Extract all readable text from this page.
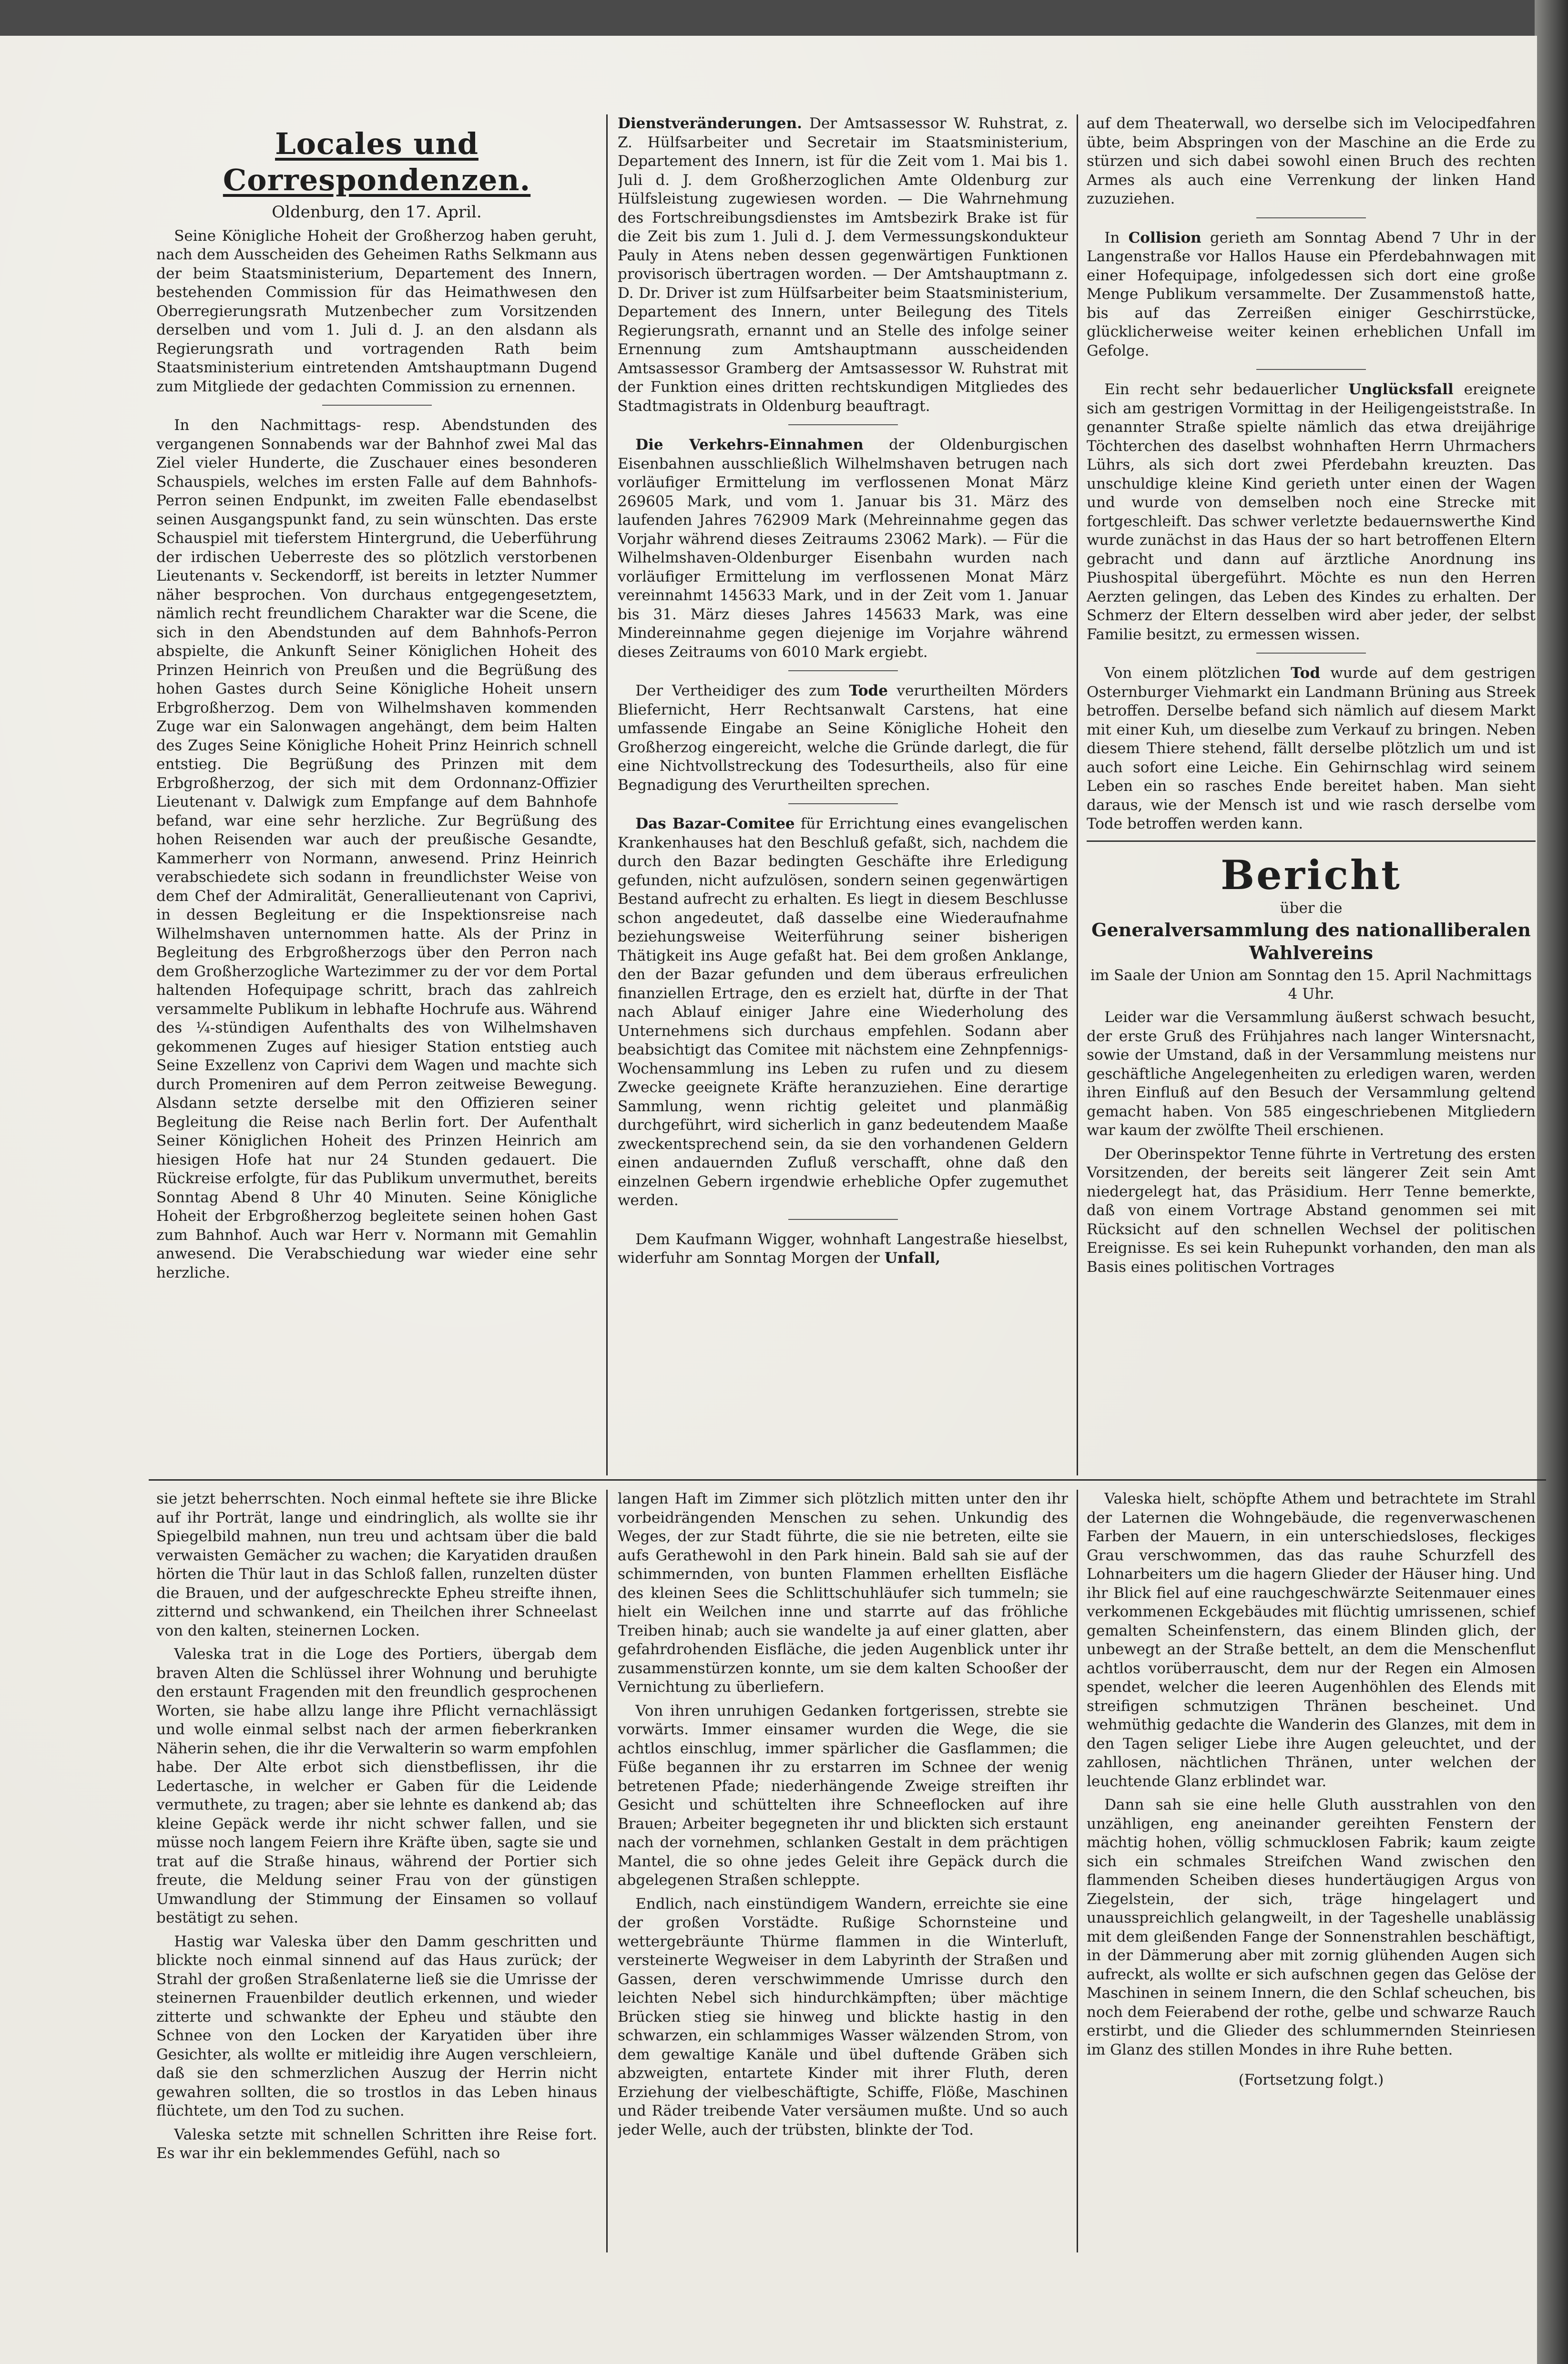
Locales und Correspondenzen.
Oldenburg, den 17. April.

Seine Königliche Hoheit der Großherzog haben geruht, nach dem Ausscheiden des Geheimen Raths Selkmann aus der beim Staatsministerium, Departement des Innern, bestehenden Commission für das Heimathwesen den Oberregierungsrath Mutzenbecher zum Vorsitzenden derselben und vom 1. Juli d. J. an den alsdann als Regierungsrath und vortragenden Rath beim Staatsministerium eintretenden Amtshauptmann Dugend zum Mitgliede der gedachten Commission zu ernennen.

In den Nachmittags- resp. Abendstunden des vergangenen Sonnabends war der Bahnhof zwei Mal das Ziel vieler Hunderte, die Zuschauer eines besonderen Schauspiels, welches im ersten Falle auf dem Bahnhofs-Perron seinen Endpunkt, im zweiten Falle ebendaselbst seinen Ausgangspunkt fand, zu sein wünschten. Das erste Schauspiel mit tieferstem Hintergrund, die Ueberführung der irdischen Ueberreste des so plötzlich verstorbenen Lieutenants v. Seckendorff, ist bereits in letzter Nummer näher besprochen. Von durchaus entgegengesetztem, nämlich recht freundlichem Charakter war die Scene, die sich in den Abendstunden auf dem Bahnhofs-Perron abspielte, die Ankunft Seiner Königlichen Hoheit des Prinzen Heinrich von Preußen und die Begrüßung des hohen Gastes durch Seine Königliche Hoheit unsern Erbgroßherzog. Dem von Wilhelmshaven kommenden Zuge war ein Salonwagen angehängt, dem beim Halten des Zuges Seine Königliche Hoheit Prinz Heinrich schnell entstieg. Die Begrüßung des Prinzen mit dem Erbgroßherzog, der sich mit dem Ordonnanz-Offizier Lieutenant v. Dalwigk zum Empfange auf dem Bahnhofe befand, war eine sehr herzliche. Zur Begrüßung des hohen Reisenden war auch der preußische Gesandte, Kammerherr von Normann, anwesend. Prinz Heinrich verabschiedete sich sodann in freundlichster Weise von dem Chef der Admiralität, Generallieutenant von Caprivi, in dessen Begleitung er die Inspektionsreise nach Wilhelmshaven unternommen hatte. Als der Prinz in Begleitung des Erbgroßherzogs über den Perron nach dem Großherzogliche Wartezimmer zu der vor dem Portal haltenden Hofequipage schritt, brach das zahlreich versammelte Publikum in lebhafte Hochrufe aus. Während des ¼-stündigen Aufenthalts des von Wilhelmshaven gekommenen Zuges auf hiesiger Station entstieg auch Seine Exzellenz von Caprivi dem Wagen und machte sich durch Promeniren auf dem Perron zeitweise Bewegung. Alsdann setzte derselbe mit den Offizieren seiner Begleitung die Reise nach Berlin fort. Der Aufenthalt Seiner Königlichen Hoheit des Prinzen Heinrich am hiesigen Hofe hat nur 24 Stunden gedauert. Die Rückreise erfolgte, für das Publikum unvermuthet, bereits Sonntag Abend 8 Uhr 40 Minuten. Seine Königliche Hoheit der Erbgroßherzog begleitete seinen hohen Gast zum Bahnhof. Auch war Herr v. Normann mit Gemahlin anwesend. Die Verabschiedung war wieder eine sehr herzliche.

Dienstveränderungen. Der Amtsassessor W. Ruhstrat, z. Z. Hülfsarbeiter und Secretair im Staatsministerium, Departement des Innern, ist für die Zeit vom 1. Mai bis 1. Juli d. J. dem Großherzoglichen Amte Oldenburg zur Hülfsleistung zugewiesen worden. — Die Wahrnehmung des Fortschreibungsdienstes im Amtsbezirk Brake ist für die Zeit bis zum 1. Juli d. J. dem Vermessungskondukteur Pauly in Atens neben dessen gegenwärtigen Funktionen provisorisch übertragen worden. — Der Amtshauptmann z. D. Dr. Driver ist zum Hülfsarbeiter beim Staatsministerium, Departement des Innern, unter Beilegung des Titels Regierungsrath, ernannt und an Stelle des infolge seiner Ernennung zum Amtshauptmann ausscheidenden Amtsassessor Gramberg der Amtsassessor W. Ruhstrat mit der Funktion eines dritten rechtskundigen Mitgliedes des Stadtmagistrats in Oldenburg beauftragt.

Die Verkehrs-Einnahmen der Oldenburgischen Eisenbahnen ausschließlich Wilhelmshaven betrugen nach vorläufiger Ermittelung im verflossenen Monat März 269605 Mark, und vom 1. Januar bis 31. März des laufenden Jahres 762909 Mark (Mehreinnahme gegen das Vorjahr während dieses Zeitraums 23062 Mark). — Für die Wilhelmshaven-Oldenburger Eisenbahn wurden nach vorläufiger Ermittelung im verflossenen Monat März vereinnahmt 145633 Mark, und in der Zeit vom 1. Januar bis 31. März dieses Jahres 145633 Mark, was eine Mindereinnahme gegen diejenige im Vorjahre während dieses Zeitraums von 6010 Mark ergiebt.

Der Vertheidiger des zum Tode verurtheilten Mörders Bliefernicht, Herr Rechtsanwalt Carstens, hat eine umfassende Eingabe an Seine Königliche Hoheit den Großherzog eingereicht, welche die Gründe darlegt, die für eine Nichtvollstreckung des Todesurtheils, also für eine Begnadigung des Verurtheilten sprechen.

Das Bazar-Comitee für Errichtung eines evangelischen Krankenhauses hat den Beschluß gefaßt, sich, nachdem die durch den Bazar bedingten Geschäfte ihre Erledigung gefunden, nicht aufzulösen, sondern seinen gegenwärtigen Bestand aufrecht zu erhalten. Es liegt in diesem Beschlusse schon angedeutet, daß dasselbe eine Wiederaufnahme beziehungsweise Weiterführung seiner bisherigen Thätigkeit ins Auge gefaßt hat. Bei dem großen Anklange, den der Bazar gefunden und dem überaus erfreulichen finanziellen Ertrage, den es erzielt hat, dürfte in der That nach Ablauf einiger Jahre eine Wiederholung des Unternehmens sich durchaus empfehlen. Sodann aber beabsichtigt das Comitee mit nächstem eine Zehnpfennigs-Wochensammlung ins Leben zu rufen und zu diesem Zwecke geeignete Kräfte heranzuziehen. Eine derartige Sammlung, wenn richtig geleitet und planmäßig durchgeführt, wird sicherlich in ganz bedeutendem Maaße zweckentsprechend sein, da sie den vorhandenen Geldern einen andauernden Zufluß verschafft, ohne daß den einzelnen Gebern irgendwie erhebliche Opfer zugemuthet werden.

Dem Kaufmann Wigger, wohnhaft Langestraße hieselbst, widerfuhr am Sonntag Morgen der Unfall,

auf dem Theaterwall, wo derselbe sich im Velocipedfahren übte, beim Abspringen von der Maschine an die Erde zu stürzen und sich dabei sowohl einen Bruch des rechten Armes als auch eine Verrenkung der linken Hand zuzuziehen.

In Collision gerieth am Sonntag Abend 7 Uhr in der Langenstraße vor Hallos Hause ein Pferdebahnwagen mit einer Hofequipage, infolgedessen sich dort eine große Menge Publikum versammelte. Der Zusammenstoß hatte, bis auf das Zerreißen einiger Geschirrstücke, glücklicherweise weiter keinen erheblichen Unfall im Gefolge.

Ein recht sehr bedauerlicher Unglücksfall ereignete sich am gestrigen Vormittag in der Heiligengeiststraße. In genannter Straße spielte nämlich das etwa dreijährige Töchterchen des daselbst wohnhaften Herrn Uhrmachers Lührs, als sich dort zwei Pferdebahn kreuzten. Das unschuldige kleine Kind gerieth unter einen der Wagen und wurde von demselben noch eine Strecke mit fortgeschleift. Das schwer verletzte bedauernswerthe Kind wurde zunächst in das Haus der so hart betroffenen Eltern gebracht und dann auf ärztliche Anordnung ins Piushospital übergeführt. Möchte es nun den Herren Aerzten gelingen, das Leben des Kindes zu erhalten. Der Schmerz der Eltern desselben wird aber jeder, der selbst Familie besitzt, zu ermessen wissen.

Von einem plötzlichen Tod wurde auf dem gestrigen Osternburger Viehmarkt ein Landmann Brüning aus Streek betroffen. Derselbe befand sich nämlich auf diesem Markt mit einer Kuh, um dieselbe zum Verkauf zu bringen. Neben diesem Thiere stehend, fällt derselbe plötzlich um und ist auch sofort eine Leiche. Ein Gehirnschlag wird seinem Leben ein so rasches Ende bereitet haben. Man sieht daraus, wie der Mensch ist und wie rasch derselbe vom Tode betroffen werden kann.

Bericht
über die
Generalversammlung des nationalliberalen Wahlvereins
im Saale der Union am Sonntag den 15. April Nachmittags 4 Uhr.

Leider war die Versammlung äußerst schwach besucht, der erste Gruß des Frühjahres nach langer Wintersnacht, sowie der Umstand, daß in der Versammlung meistens nur geschäftliche Angelegenheiten zu erledigen waren, werden ihren Einfluß auf den Besuch der Versammlung geltend gemacht haben. Von 585 eingeschriebenen Mitgliedern war kaum der zwölfte Theil erschienen.

Der Oberinspektor Tenne führte in Vertretung des ersten Vorsitzenden, der bereits seit längerer Zeit sein Amt niedergelegt hat, das Präsidium. Herr Tenne bemerkte, daß von einem Vortrage Abstand genommen sei mit Rücksicht auf den schnellen Wechsel der politischen Ereignisse. Es sei kein Ruhepunkt vorhanden, den man als Basis eines politischen Vortrages

sie jetzt beherrschten. Noch einmal heftete sie ihre Blicke auf ihr Porträt, lange und eindringlich, als wollte sie ihr Spiegelbild mahnen, nun treu und achtsam über die bald verwaisten Gemächer zu wachen; die Karyatiden draußen hörten die Thür laut in das Schloß fallen, runzelten düster die Brauen, und der aufgeschreckte Epheu streifte ihnen, zitternd und schwankend, ein Theilchen ihrer Schneelast von den kalten, steinernen Locken.

Valeska trat in die Loge des Portiers, übergab dem braven Alten die Schlüssel ihrer Wohnung und beruhigte den erstaunt Fragenden mit den freundlich gesprochenen Worten, sie habe allzu lange ihre Pflicht vernachlässigt und wolle einmal selbst nach der armen fieberkranken Näherin sehen, die ihr die Verwalterin so warm empfohlen habe. Der Alte erbot sich dienstbeflissen, ihr die Ledertasche, in welcher er Gaben für die Leidende vermuthete, zu tragen; aber sie lehnte es dankend ab; das kleine Gepäck werde ihr nicht schwer fallen, und sie müsse noch langem Feiern ihre Kräfte üben, sagte sie und trat auf die Straße hinaus, während der Portier sich freute, die Meldung seiner Frau von der günstigen Umwandlung der Stimmung der Einsamen so vollauf bestätigt zu sehen.

Hastig war Valeska über den Damm geschritten und blickte noch einmal sinnend auf das Haus zurück; der Strahl der großen Straßenlaterne ließ sie die Umrisse der steinernen Frauenbilder deutlich erkennen, und wieder zitterte und schwankte der Epheu und stäubte den Schnee von den Locken der Karyatiden über ihre Gesichter, als wollte er mitleidig ihre Augen verschleiern, daß sie den schmerzlichen Auszug der Herrin nicht gewahren sollten, die so trostlos in das Leben hinaus flüchtete, um den Tod zu suchen.

Valeska setzte mit schnellen Schritten ihre Reise fort. Es war ihr ein beklemmendes Gefühl, nach so

langen Haft im Zimmer sich plötzlich mitten unter den ihr vorbeidrängenden Menschen zu sehen. Unkundig des Weges, der zur Stadt führte, die sie nie betreten, eilte sie aufs Gerathewohl in den Park hinein. Bald sah sie auf der schimmernden, von bunten Flammen erhellten Eisfläche des kleinen Sees die Schlittschuhläufer sich tummeln; sie hielt ein Weilchen inne und starrte auf das fröhliche Treiben hinab; auch sie wandelte ja auf einer glatten, aber gefahrdrohenden Eisfläche, die jeden Augenblick unter ihr zusammenstürzen konnte, um sie dem kalten Schooßer der Vernichtung zu überliefern.

Von ihren unruhigen Gedanken fortgerissen, strebte sie vorwärts. Immer einsamer wurden die Wege, die sie achtlos einschlug, immer spärlicher die Gasflammen; die Füße begannen ihr zu erstarren im Schnee der wenig betretenen Pfade; niederhängende Zweige streiften ihr Gesicht und schüttelten ihre Schneeflocken auf ihre Brauen; Arbeiter begegneten ihr und blickten sich erstaunt nach der vornehmen, schlanken Gestalt in dem prächtigen Mantel, die so ohne jedes Geleit ihre Gepäck durch die abgelegenen Straßen schleppte.

Endlich, nach einstündigem Wandern, erreichte sie eine der großen Vorstädte. Rußige Schornsteine und wettergebräunte Thürme flammen in die Winterluft, versteinerte Wegweiser in dem Labyrinth der Straßen und Gassen, deren verschwimmende Umrisse durch den leichten Nebel sich hindurchkämpften; über mächtige Brücken stieg sie hinweg und blickte hastig in den schwarzen, ein schlammiges Wasser wälzenden Strom, von dem gewaltige Kanäle und übel duftende Gräben sich abzweigten, entartete Kinder mit ihrer Fluth, deren Erziehung der vielbeschäftigte, Schiffe, Flöße, Maschinen und Räder treibende Vater versäumen mußte. Und so auch jeder Welle, auch der trübsten, blinkte der Tod.

Valeska hielt, schöpfte Athem und betrachtete im Strahl der Laternen die Wohngebäude, die regenverwaschenen Farben der Mauern, in ein unterschiedsloses, fleckiges Grau verschwommen, das das rauhe Schurzfell des Lohnarbeiters um die hagern Glieder der Häuser hing. Und ihr Blick fiel auf eine rauchgeschwärzte Seitenmauer eines verkommenen Eckgebäudes mit flüchtig umrissenen, schief gemalten Scheinfenstern, das einem Blinden glich, der unbewegt an der Straße bettelt, an dem die Menschenflut achtlos vorüberrauscht, dem nur der Regen ein Almosen spendet, welcher die leeren Augenhöhlen des Elends mit streifigen schmutzigen Thränen bescheinet. Und wehmüthig gedachte die Wanderin des Glanzes, mit dem in den Tagen seliger Liebe ihre Augen geleuchtet, und der zahllosen, nächtlichen Thränen, unter welchen der leuchtende Glanz erblindet war.

Dann sah sie eine helle Gluth ausstrahlen von den unzähligen, eng aneinander gereihten Fenstern der mächtig hohen, völlig schmucklosen Fabrik; kaum zeigte sich ein schmales Streifchen Wand zwischen den flammenden Scheiben dieses hundertäugigen Argus von Ziegelstein, der sich, träge hingelagert und unausspreichlich gelangweilt, in der Tageshelle unablässig mit dem gleißenden Fange der Sonnenstrahlen beschäftigt, in der Dämmerung aber mit zornig glühenden Augen sich aufreckt, als wollte er sich aufschnen gegen das Gelöse der Maschinen in seinem Innern, die den Schlaf scheuchen, bis noch dem Feierabend der rothe, gelbe und schwarze Rauch erstirbt, und die Glieder des schlummernden Steinriesen im Glanz des stillen Mondes in ihre Ruhe betten.

(Fortsetzung folgt.)
